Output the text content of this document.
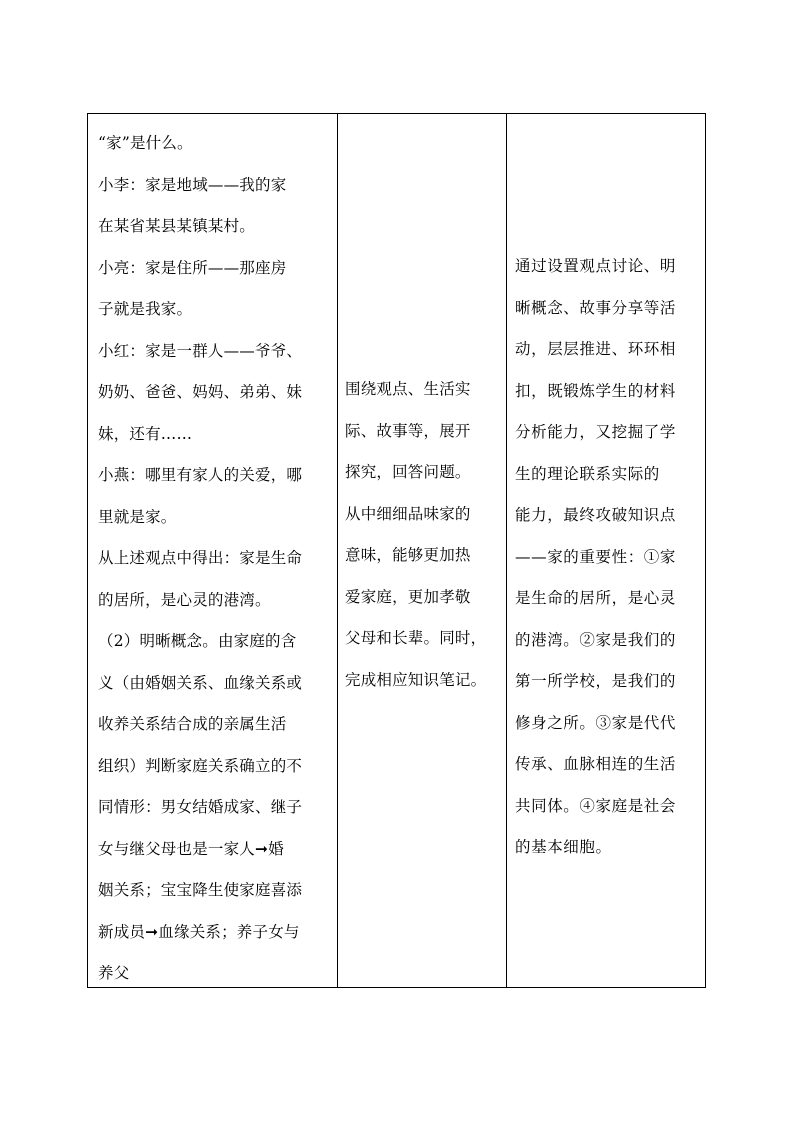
“家”是什么。
小李：家是地域——我的家
在某省某县某镇某村。
小亮：家是住所——那座房
子就是我家。
小红：家是一群人——爷爷、
奶奶、爸爸、妈妈、弟弟、妹
妹，还有……
小燕：哪里有家人的关爱，哪
里就是家。
从上述观点中得出：家是生命
的居所，是心灵的港湾。
（2）明晰概念。由家庭的含
义（由婚姻关系、血缘关系或
收养关系结合成的亲属生活
组织）判断家庭关系确立的不
同情形：男女结婚成家、继子
女与继父母也是一家人➞婚
姻关系；宝宝降生使家庭喜添
新成员➞血缘关系；养子女与
养父
围绕观点、生活实
际、故事等，展开
探究，回答问题。
从中细细品味家的
意味，能够更加热
爱家庭，更加孝敬
父母和长辈。同时，
完成相应知识笔记。
通过设置观点讨论、明
晰概念、故事分享等活
动，层层推进、环环相
扣，既锻炼学生的材料
分析能力，又挖掘了学
生的理论联系实际的
能力，最终攻破知识点
——家的重要性：①家
是生命的居所，是心灵
的港湾。②家是我们的
第一所学校，是我们的
修身之所。③家是代代
传承、血脉相连的生活
共同体。④家庭是社会
的基本细胞。
